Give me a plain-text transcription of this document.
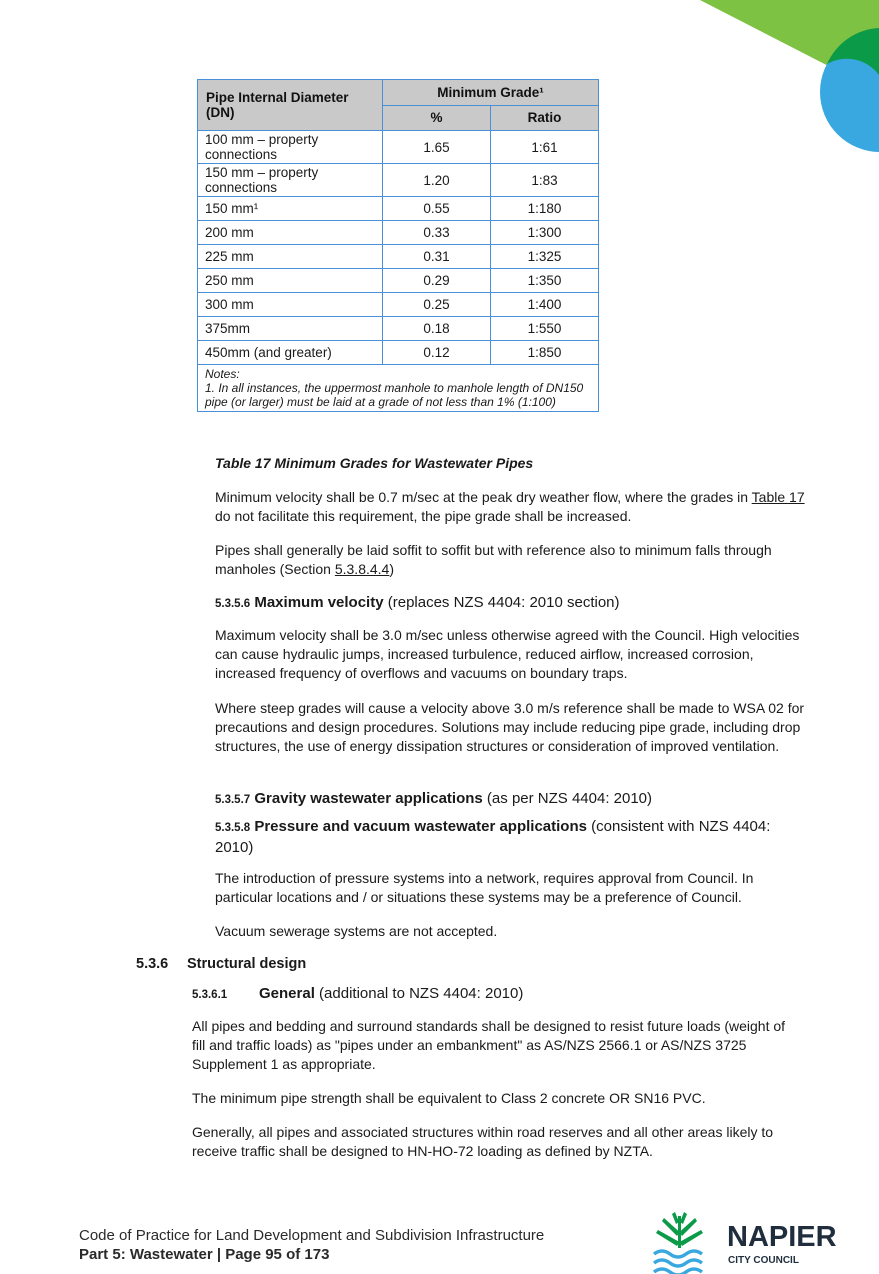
Pipe Internal Diameter (DN)	Minimum Grade¹	
	%	Ratio
100 mm – property connections	1.65	1:61
150 mm – property connections	1.20	1:83
150 mm¹	0.55	1:180
200 mm	0.33	1:300
225 mm	0.31	1:325
250 mm	0.29	1:350
300 mm	0.25	1:400
375mm	0.18	1:550
450mm (and greater)	0.12	1:850

Notes:
1. In all instances, the uppermost manhole to manhole length of DN150 pipe (or larger) must be laid at a grade of not less than 1% (1:100)		
Table 17 Minimum Grades for Wastewater Pipes
Minimum velocity shall be 0.7 m/sec at the peak dry weather flow, where the grades in Table 17 do not facilitate this requirement, the pipe grade shall be increased.
Pipes shall generally be laid soffit to soffit but with reference also to minimum falls through manholes (Section 5.3.8.4.4)
5.3.5.6 Maximum velocity (replaces NZS 4404: 2010 section)
Maximum velocity shall be 3.0 m/sec unless otherwise agreed with the Council. High velocities can cause hydraulic jumps, increased turbulence, reduced airflow, increased corrosion, increased frequency of overflows and vacuums on boundary traps.
Where steep grades will cause a velocity above 3.0 m/s reference shall be made to WSA 02 for precautions and design procedures. Solutions may include reducing pipe grade, including drop structures, the use of energy dissipation structures or consideration of improved ventilation.
5.3.5.7 Gravity wastewater applications (as per NZS 4404: 2010)
5.3.5.8 Pressure and vacuum wastewater applications (consistent with NZS 4404: 2010)
The introduction of pressure systems into a network, requires approval from Council. In particular locations and / or situations these systems may be a preference of Council.
Vacuum sewerage systems are not accepted.
5.3.6 Structural design
5.3.6.1 General (additional to NZS 4404: 2010)
All pipes and bedding and surround standards shall be designed to resist future loads (weight of fill and traffic loads) as "pipes under an embankment" as AS/NZS 2566.1 or AS/NZS 3725 Supplement 1 as appropriate.
The minimum pipe strength shall be equivalent to Class 2 concrete OR SN16 PVC.
Generally, all pipes and associated structures within road reserves and all other areas likely to receive traffic shall be designed to HN-HO-72 loading as defined by NZTA.
Code of Practice for Land Development and Subdivision Infrastructure
Part 5: Wastewater | Page 95 of 173
NAPIER
CITY COUNCIL
